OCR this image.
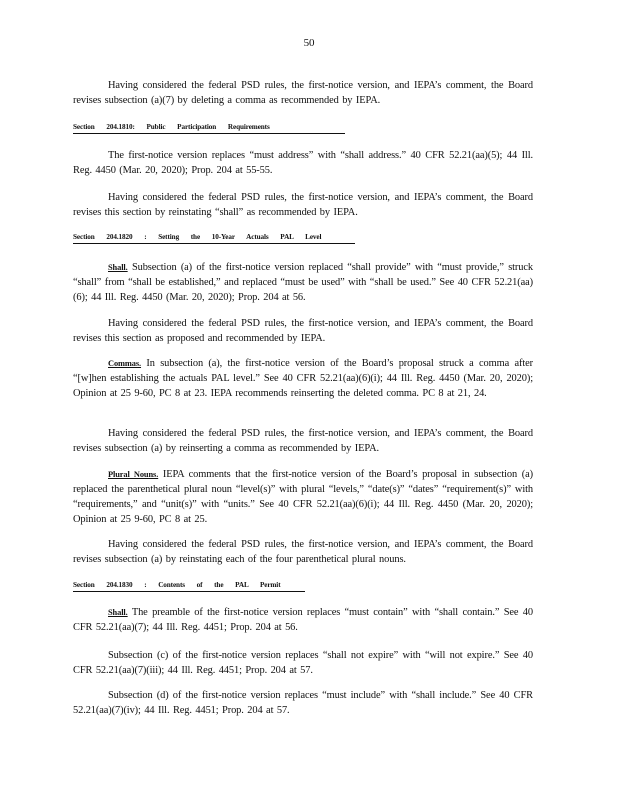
50

Having considered the federal PSD rules, the first-notice version, and IEPA’s comment, the Board revises subsection (a)(7) by deleting a comma as recommended by IEPA.

Section 204.1810: Public Participation Requirements

The first-notice version replaces “must address” with “shall address.” 40 CFR 52.21(aa)(5); 44 Ill. Reg. 4450 (Mar. 20, 2020); Prop. 204 at 55-55.

Having considered the federal PSD rules, the first-notice version, and IEPA’s comment, the Board revises this section by reinstating “shall” as recommended by IEPA.

Section 204.1820 : Setting the 10-Year Actuals PAL Level

Shall. Subsection (a) of the first-notice version replaced “shall provide” with “must provide,” struck “shall” from “shall be established,” and replaced “must be used” with “shall be used.” See 40 CFR 52.21(aa)(6); 44 Ill. Reg. 4450 (Mar. 20, 2020); Prop. 204 at 56.

Having considered the federal PSD rules, the first-notice version, and IEPA’s comment, the Board revises this section as proposed and recommended by IEPA.

Commas. In subsection (a), the first-notice version of the Board’s proposal struck a comma after “[w]hen establishing the actuals PAL level.” See 40 CFR 52.21(aa)(6)(i); 44 Ill. Reg. 4450 (Mar. 20, 2020); Opinion at 25 9-60, PC 8 at 23. IEPA recommends reinserting the deleted comma. PC 8 at 21, 24.

Having considered the federal PSD rules, the first-notice version, and IEPA’s comment, the Board revises subsection (a) by reinserting a comma as recommended by IEPA.

Plural Nouns. IEPA comments that the first-notice version of the Board’s proposal in subsection (a) replaced the parenthetical plural noun “level(s)” with plural “levels,” “date(s)” “dates” “requirement(s)” with “requirements,” and “unit(s)” with “units.” See 40 CFR 52.21(aa)(6)(i); 44 Ill. Reg. 4450 (Mar. 20, 2020); Opinion at 25 9-60, PC 8 at 25.

Having considered the federal PSD rules, the first-notice version, and IEPA’s comment, the Board revises subsection (a) by reinstating each of the four parenthetical plural nouns.

Section 204.1830 : Contents of the PAL Permit

Shall. The preamble of the first-notice version replaces “must contain” with “shall contain.” See 40 CFR 52.21(aa)(7); 44 Ill. Reg. 4451; Prop. 204 at 56.

Subsection (c) of the first-notice version replaces “shall not expire” with “will not expire.” See 40 CFR 52.21(aa)(7)(iii); 44 Ill. Reg. 4451; Prop. 204 at 57.

Subsection (d) of the first-notice version replaces “must include” with “shall include.” See 40 CFR 52.21(aa)(7)(iv); 44 Ill. Reg. 4451; Prop. 204 at 57.
